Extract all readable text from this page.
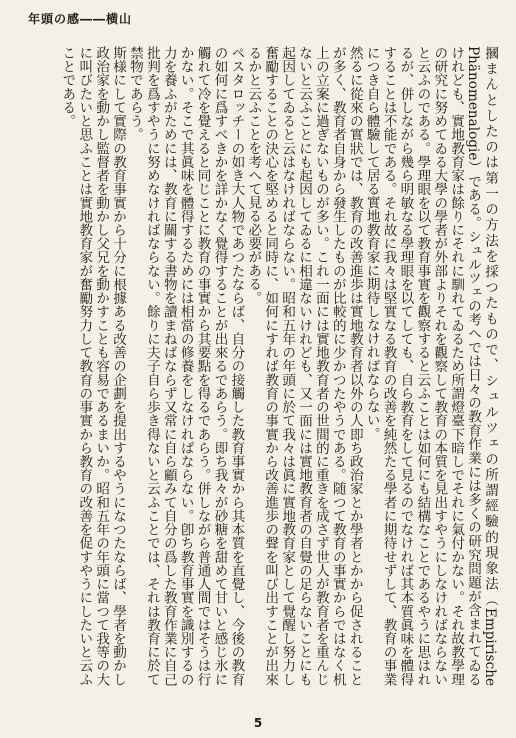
年頭の感――横山

摑まんとしたのは第一の方法を採つたもので、シュルツェの所謂經驗的現象法（Empirische Phänomenalogie）である。シュルツェの考へでは日々の教育作業には多くの研究問題が含まれてゐるけれども、實地教育家は餘りにそれに馴れてゐるため所謂燈臺下暗しでそれに氣付かない。それ故教學理の研究に努めてゐる大學の學者が外部よりそれを觀察して教育の本質を見出すやうにしなければならないと云ふのである。學理眼を以て教育事實を觀察すると云ふことは如何にも結構なことであるやうに思はれるが、併しながら幾ら明敏なる學理眼を以てしても、自ら教育をして見るのでなければ其本質眞味を體得することは不能である。それ故に我々は堅實なる教育の改善を純然たる學者に期待せずして、教育の事業につき自ら體驗して居る實地教育家に期待しなければならない。

然るに從來の實狀では、教育の改善進歩は實地教育者以外の人即ち政治家とか學者とかから促されることが多く、教育者自身から發生したものが比較的に少かつたやうである。随つて教育の事實からではなく机上の立案に過ぎないものが多い。これ一面には實地教育者の世間的に重きを成さず世人が教育者を重んじないと云ふことにも起因してゐるに相違ないけれども、又一面には實地教育者の自覺の足らないことにも起因してゐると云はなければならない。昭和五年の年頭に於て我々は眞に實地教育家として覺醒し努力し奮勵することの決心を堅めると同時に、如何にすれば教育の事實から改善進歩の聲を叫び出すことが出來るかと云ふことを考へて見る必要がある。

ペスタロッチーの如き大人物であつたならば、自分の接觸した教育事實から其本質を直覺し、今後の教育の如何に爲すべきかを詳かなく覺得することが出來るであらう。即ち我々が砂糖を甜めて甘いと感じ氷に觸れて冷を覺えると同じことに教育の事實から其要點を得るであらう。併しながら普通人間ではそうは行かない。そこで其眞味を體得するためには相當の修養をしなければならない。卽ち教育事實を識別するの力を養ふがためには、教育に關する書物を讀まねばならず又常に自ら顧みて自分の爲した教育作業に自己批判を爲すやうに努めなければならない。餘りに夫子自ら歩き得ないと云ふことでは、それは教育に於て禁物であらう。

斯様にして實際の教育事實から十分に根據ある改善の企劃を提出するやうになつたならば、學者を動かし政治家を動かし監督者を動かし父兄を動かすことも容易であるまいか。昭和五年の年頭に當つて我等の大に叫びたいと思ふことは實地教育家が奮勵努力して教育の事實から教育の改善を促すやうにしたいと云ふことである。

5
